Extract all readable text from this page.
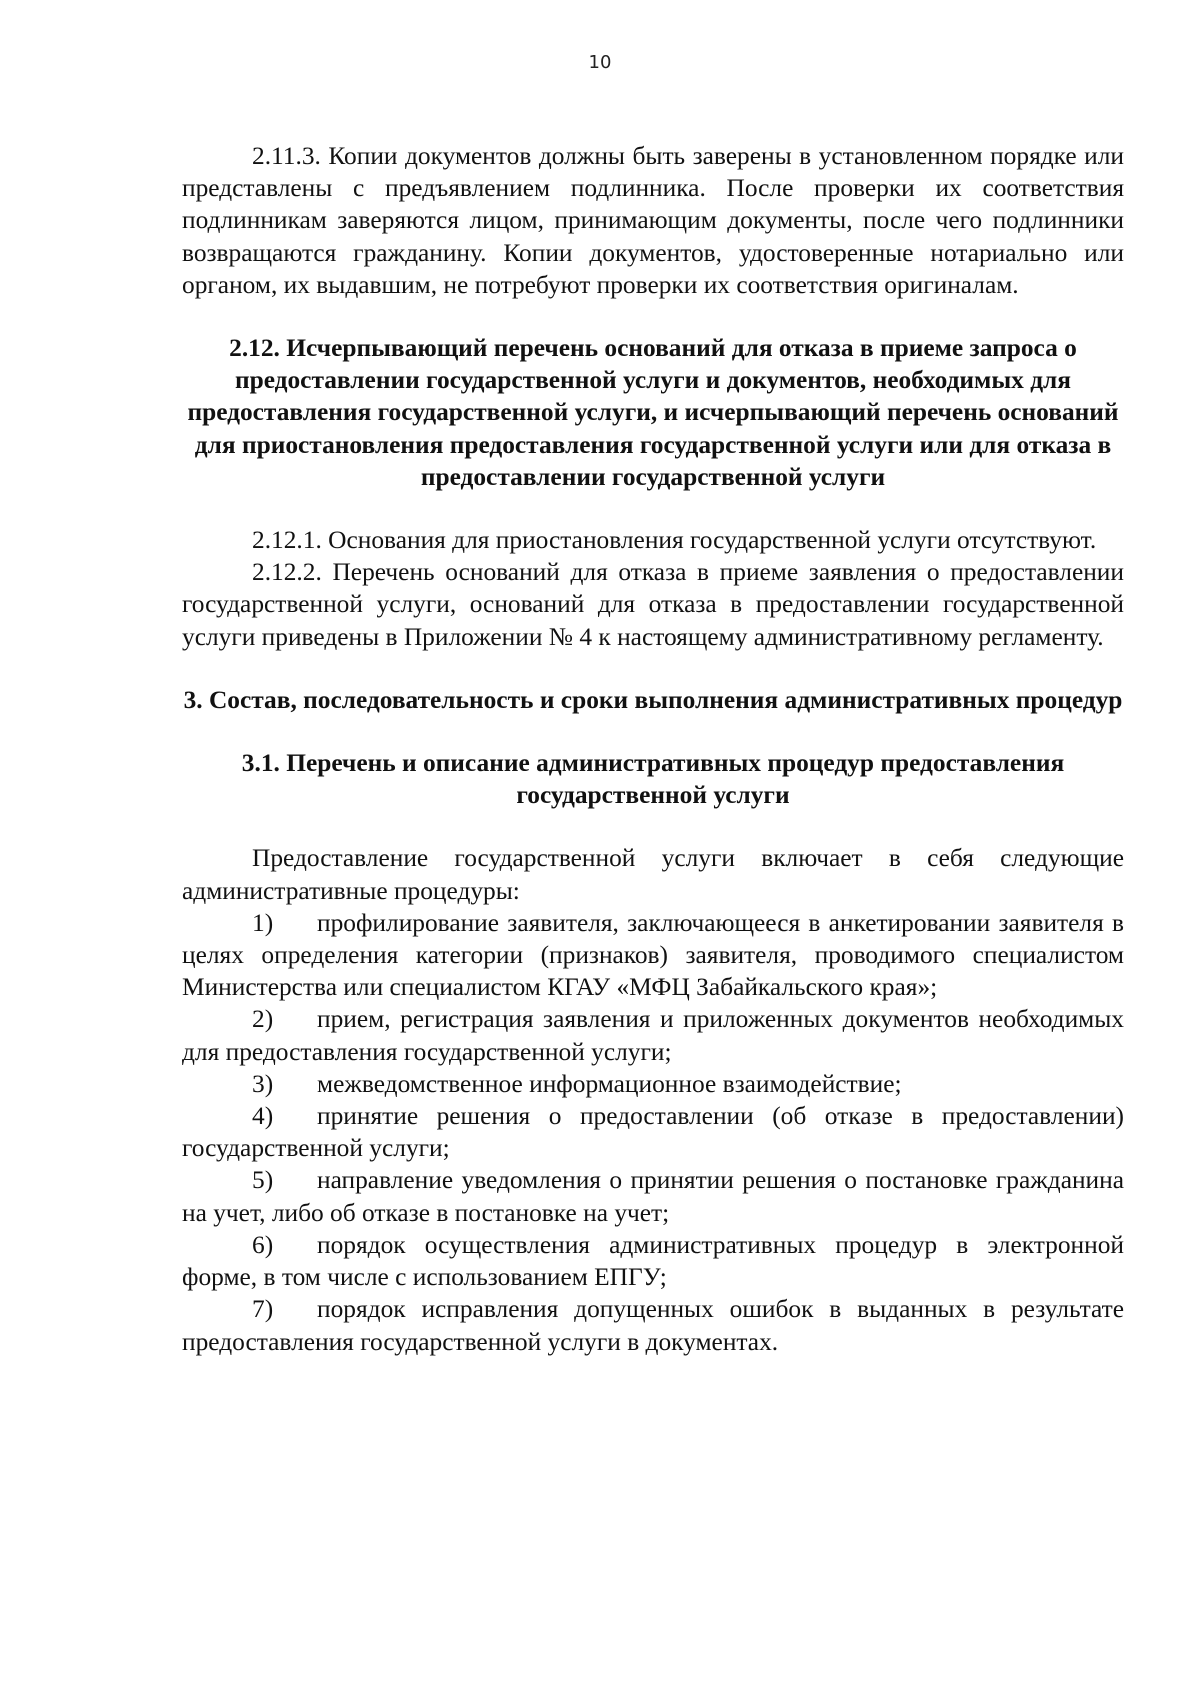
10

2.11.3. Копии документов должны быть заверены в установленном порядке или представлены с предъявлением подлинника. После проверки их соответствия подлинникам заверяются лицом, принимающим документы, после чего подлинники возвращаются гражданину. Копии документов, удостоверенные нотариально или органом, их выдавшим, не потребуют проверки их соответствия оригиналам.

2.12. Исчерпывающий перечень оснований для отказа в приеме запроса о предоставлении государственной услуги и документов, необходимых для предоставления государственной услуги, и исчерпывающий перечень оснований для приостановления предоставления государственной услуги или для отказа в предоставлении государственной услуги

2.12.1. Основания для приостановления государственной услуги отсутствуют.

2.12.2. Перечень оснований для отказа в приеме заявления о предоставлении государственной услуги, оснований для отказа в предоставлении государственной услуги приведены в Приложении № 4 к настоящему административному регламенту.

3. Состав, последовательность и сроки выполнения административных процедур

3.1. Перечень и описание административных процедур предоставления государственной услуги

Предоставление государственной услуги включает в себя следующие административные процедуры:

1) профилирование заявителя, заключающееся в анкетировании заявителя в целях определения категории (признаков) заявителя, проводимого специалистом Министерства или специалистом КГАУ «МФЦ Забайкальского края»;

2) прием, регистрация заявления и приложенных документов необходимых для предоставления государственной услуги;

3) межведомственное информационное взаимодействие;

4) принятие решения о предоставлении (об отказе в предоставлении) государственной услуги;

5) направление уведомления о принятии решения о постановке гражданина на учет, либо об отказе в постановке на учет;

6) порядок осуществления административных процедур в электронной форме, в том числе с использованием ЕПГУ;

7) порядок исправления допущенных ошибок в выданных в результате предоставления государственной услуги в документах.
